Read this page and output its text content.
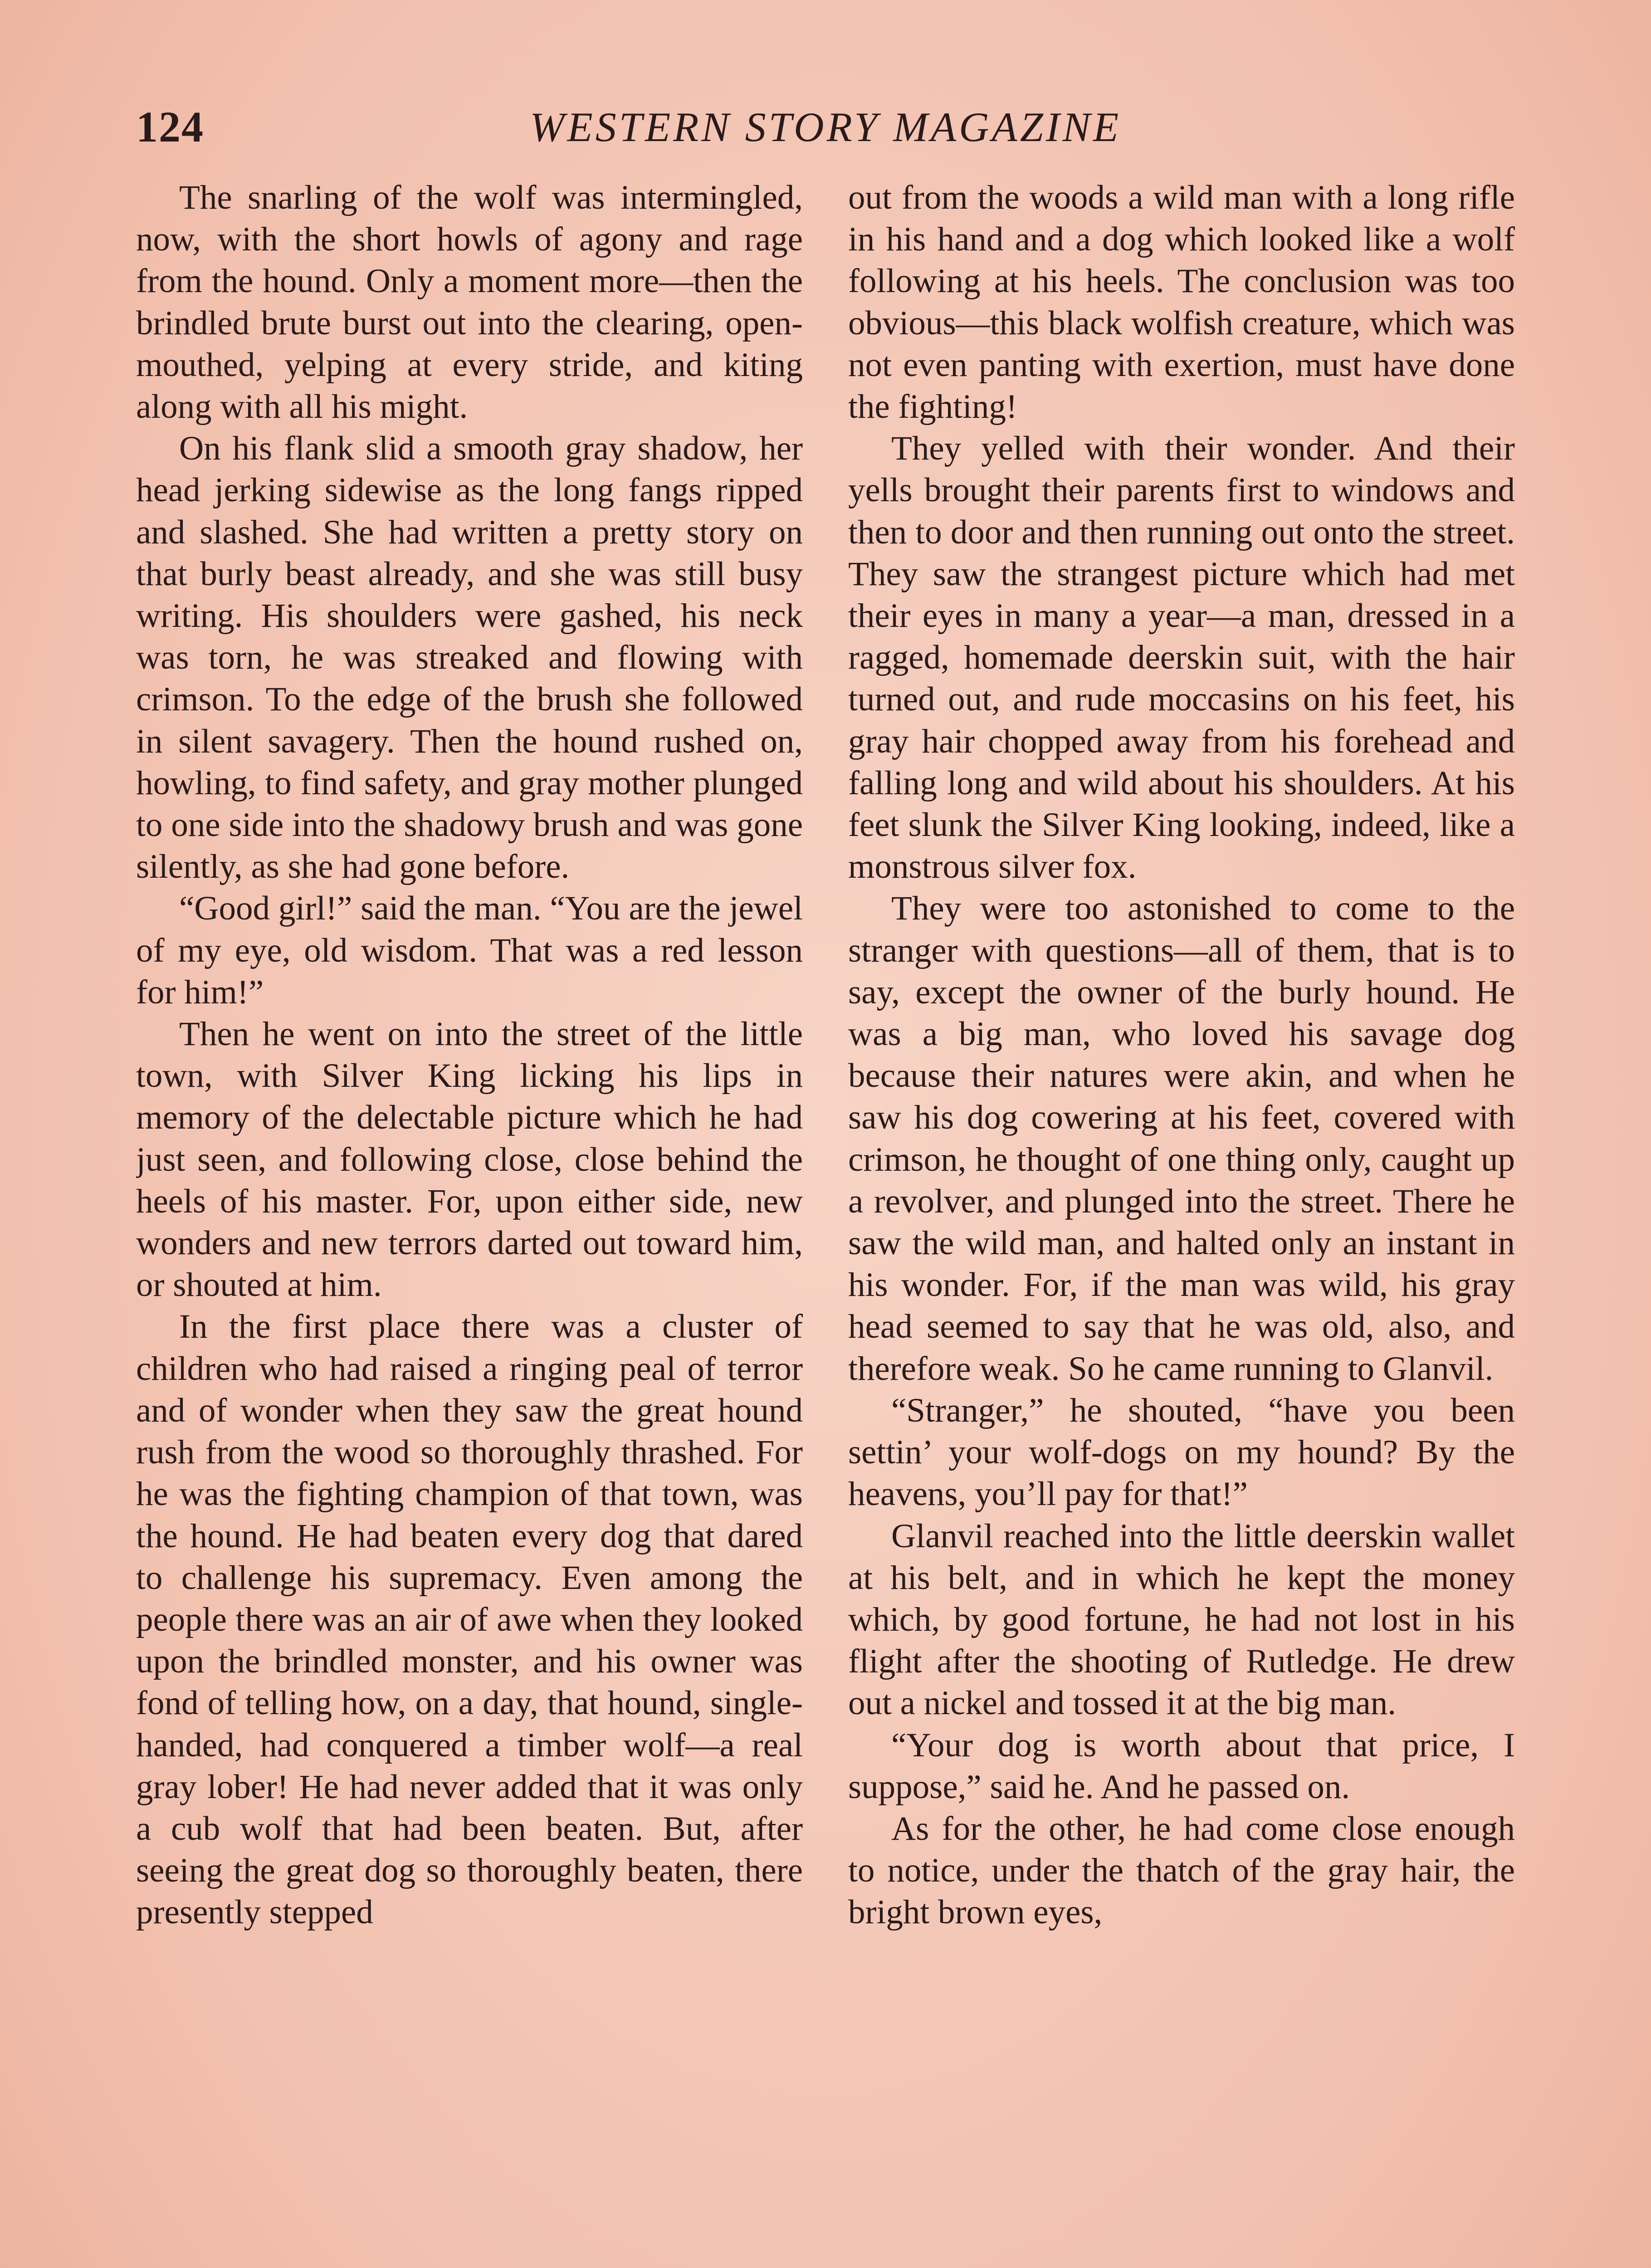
124	WESTERN STORY MAGAZINE

The snarling of the wolf was intermingled, now, with the short howls of agony and rage from the hound. Only a moment more—then the brindled brute burst out into the clearing, open-mouthed, yelping at every stride, and kiting along with all his might.

On his flank slid a smooth gray shadow, her head jerking sidewise as the long fangs ripped and slashed. She had written a pretty story on that burly beast already, and she was still busy writing. His shoulders were gashed, his neck was torn, he was streaked and flowing with crimson. To the edge of the brush she followed in silent savagery. Then the hound rushed on, howling, to find safety, and gray mother plunged to one side into the shadowy brush and was gone silently, as she had gone before.

“Good girl!” said the man. “You are the jewel of my eye, old wisdom. That was a red lesson for him!”

Then he went on into the street of the little town, with Silver King licking his lips in memory of the delectable picture which he had just seen, and following close, close behind the heels of his master. For, upon either side, new wonders and new terrors darted out toward him, or shouted at him.

In the first place there was a cluster of children who had raised a ringing peal of terror and of wonder when they saw the great hound rush from the wood so thoroughly thrashed. For he was the fighting champion of that town, was the hound. He had beaten every dog that dared to challenge his supremacy. Even among the people there was an air of awe when they looked upon the brindled monster, and his owner was fond of telling how, on a day, that hound, single-handed, had conquered a timber wolf—a real gray lober! He had never added that it was only a cub wolf that had been beaten. But, after seeing the great dog so thoroughly beaten, there presently stepped

out from the woods a wild man with a long rifle in his hand and a dog which looked like a wolf following at his heels. The conclusion was too obvious—this black wolfish creature, which was not even panting with exertion, must have done the fighting!

They yelled with their wonder. And their yells brought their parents first to windows and then to door and then running out onto the street. They saw the strangest picture which had met their eyes in many a year—a man, dressed in a ragged, homemade deerskin suit, with the hair turned out, and rude moccasins on his feet, his gray hair chopped away from his forehead and falling long and wild about his shoulders. At his feet slunk the Silver King looking, indeed, like a monstrous silver fox.

They were too astonished to come to the stranger with questions—all of them, that is to say, except the owner of the burly hound. He was a big man, who loved his savage dog because their natures were akin, and when he saw his dog cowering at his feet, covered with crimson, he thought of one thing only, caught up a revolver, and plunged into the street. There he saw the wild man, and halted only an instant in his wonder. For, if the man was wild, his gray head seemed to say that he was old, also, and therefore weak. So he came running to Glanvil.

“Stranger,” he shouted, “have you been settin’ your wolf-dogs on my hound? By the heavens, you’ll pay for that!”

Glanvil reached into the little deerskin wallet at his belt, and in which he kept the money which, by good fortune, he had not lost in his flight after the shooting of Rutledge. He drew out a nickel and tossed it at the big man.

“Your dog is worth about that price, I suppose,” said he. And he passed on.

As for the other, he had come close enough to notice, under the thatch of the gray hair, the bright brown eyes,
